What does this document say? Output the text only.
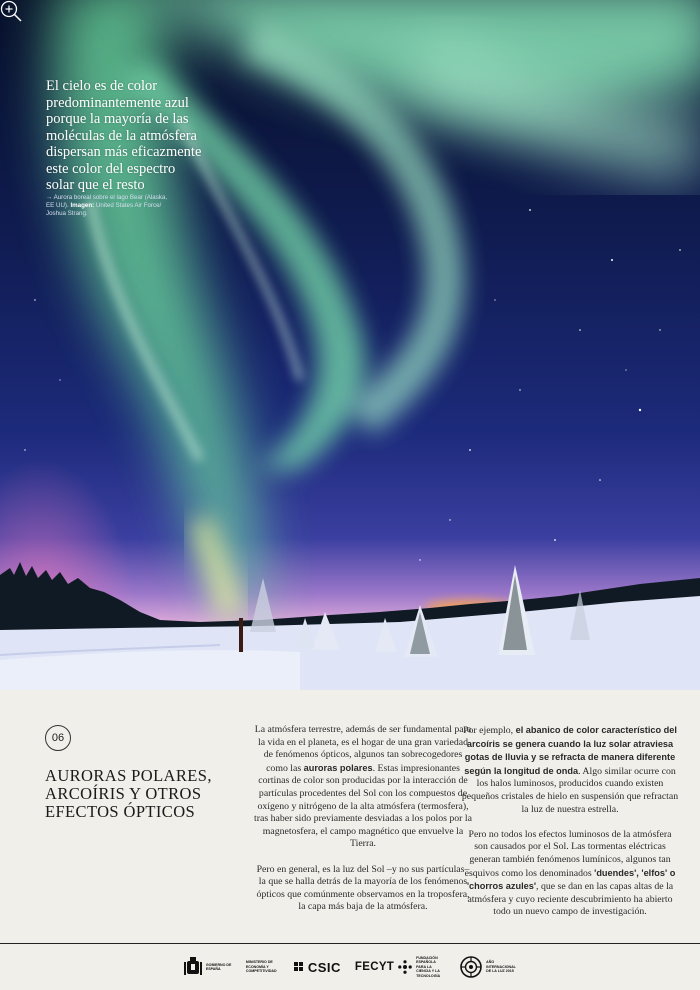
El cielo es de color predominantemente azul porque la mayoría de las moléculas de la atmósfera dispersan más eficazmente este color del espectro solar que el resto
→ Aurora boreal sobre el lago Bear (Alaska, EE UU). Imagen: United States Air Force/ Joshua Strang.
06
AURORAS POLARES, ARCOÍRIS Y OTROS EFECTOS ÓPTICOS

La atmósfera terrestre, además de ser fundamental para la vida en el planeta, es el hogar de una gran variedad de fenómenos ópticos, algunos tan sobrecogedores como las auroras polares. Estas impresionantes cortinas de color son producidas por la interacción de partículas procedentes del Sol con los compuestos de oxígeno y nitrógeno de la alta atmósfera (termosfera), tras haber sido previamente desviadas a los polos por la magnetosfera, el campo magnético que envuelve la Tierra.

Pero en general, es la luz del Sol –y no sus partículas– la que se halla detrás de la mayoría de los fenómenos ópticos que comúnmente observamos en la troposfera, la capa más baja de la atmósfera.

Por ejemplo, el abanico de color característico del arcoíris se genera cuando la luz solar atraviesa gotas de lluvia y se refracta de manera diferente según la longitud de onda. Algo similar ocurre con los halos luminosos, producidos cuando existen pequeños cristales de hielo en suspensión que refractan la luz de nuestra estrella.

Pero no todos los efectos luminosos de la atmósfera son causados por el Sol. Las tormentas eléctricas generan también fenómenos lumínicos, algunos tan esquivos como los denominados 'duendes', 'elfos' o 'chorros azules', que se dan en las capas altas de la atmósfera y cuyo reciente descubrimiento ha abierto todo un nuevo campo de investigación.

GOBIERNO DE ESPAÑA
MINISTERIO DE ECONOMÍA Y COMPETITIVIDAD CSIC FECYT
FUNDACIÓN ESPAÑOLA PARA LA CIENCIA Y LA TECNOLOGÍA
AÑO INTERNACIONAL DE LA LUZ 2015
